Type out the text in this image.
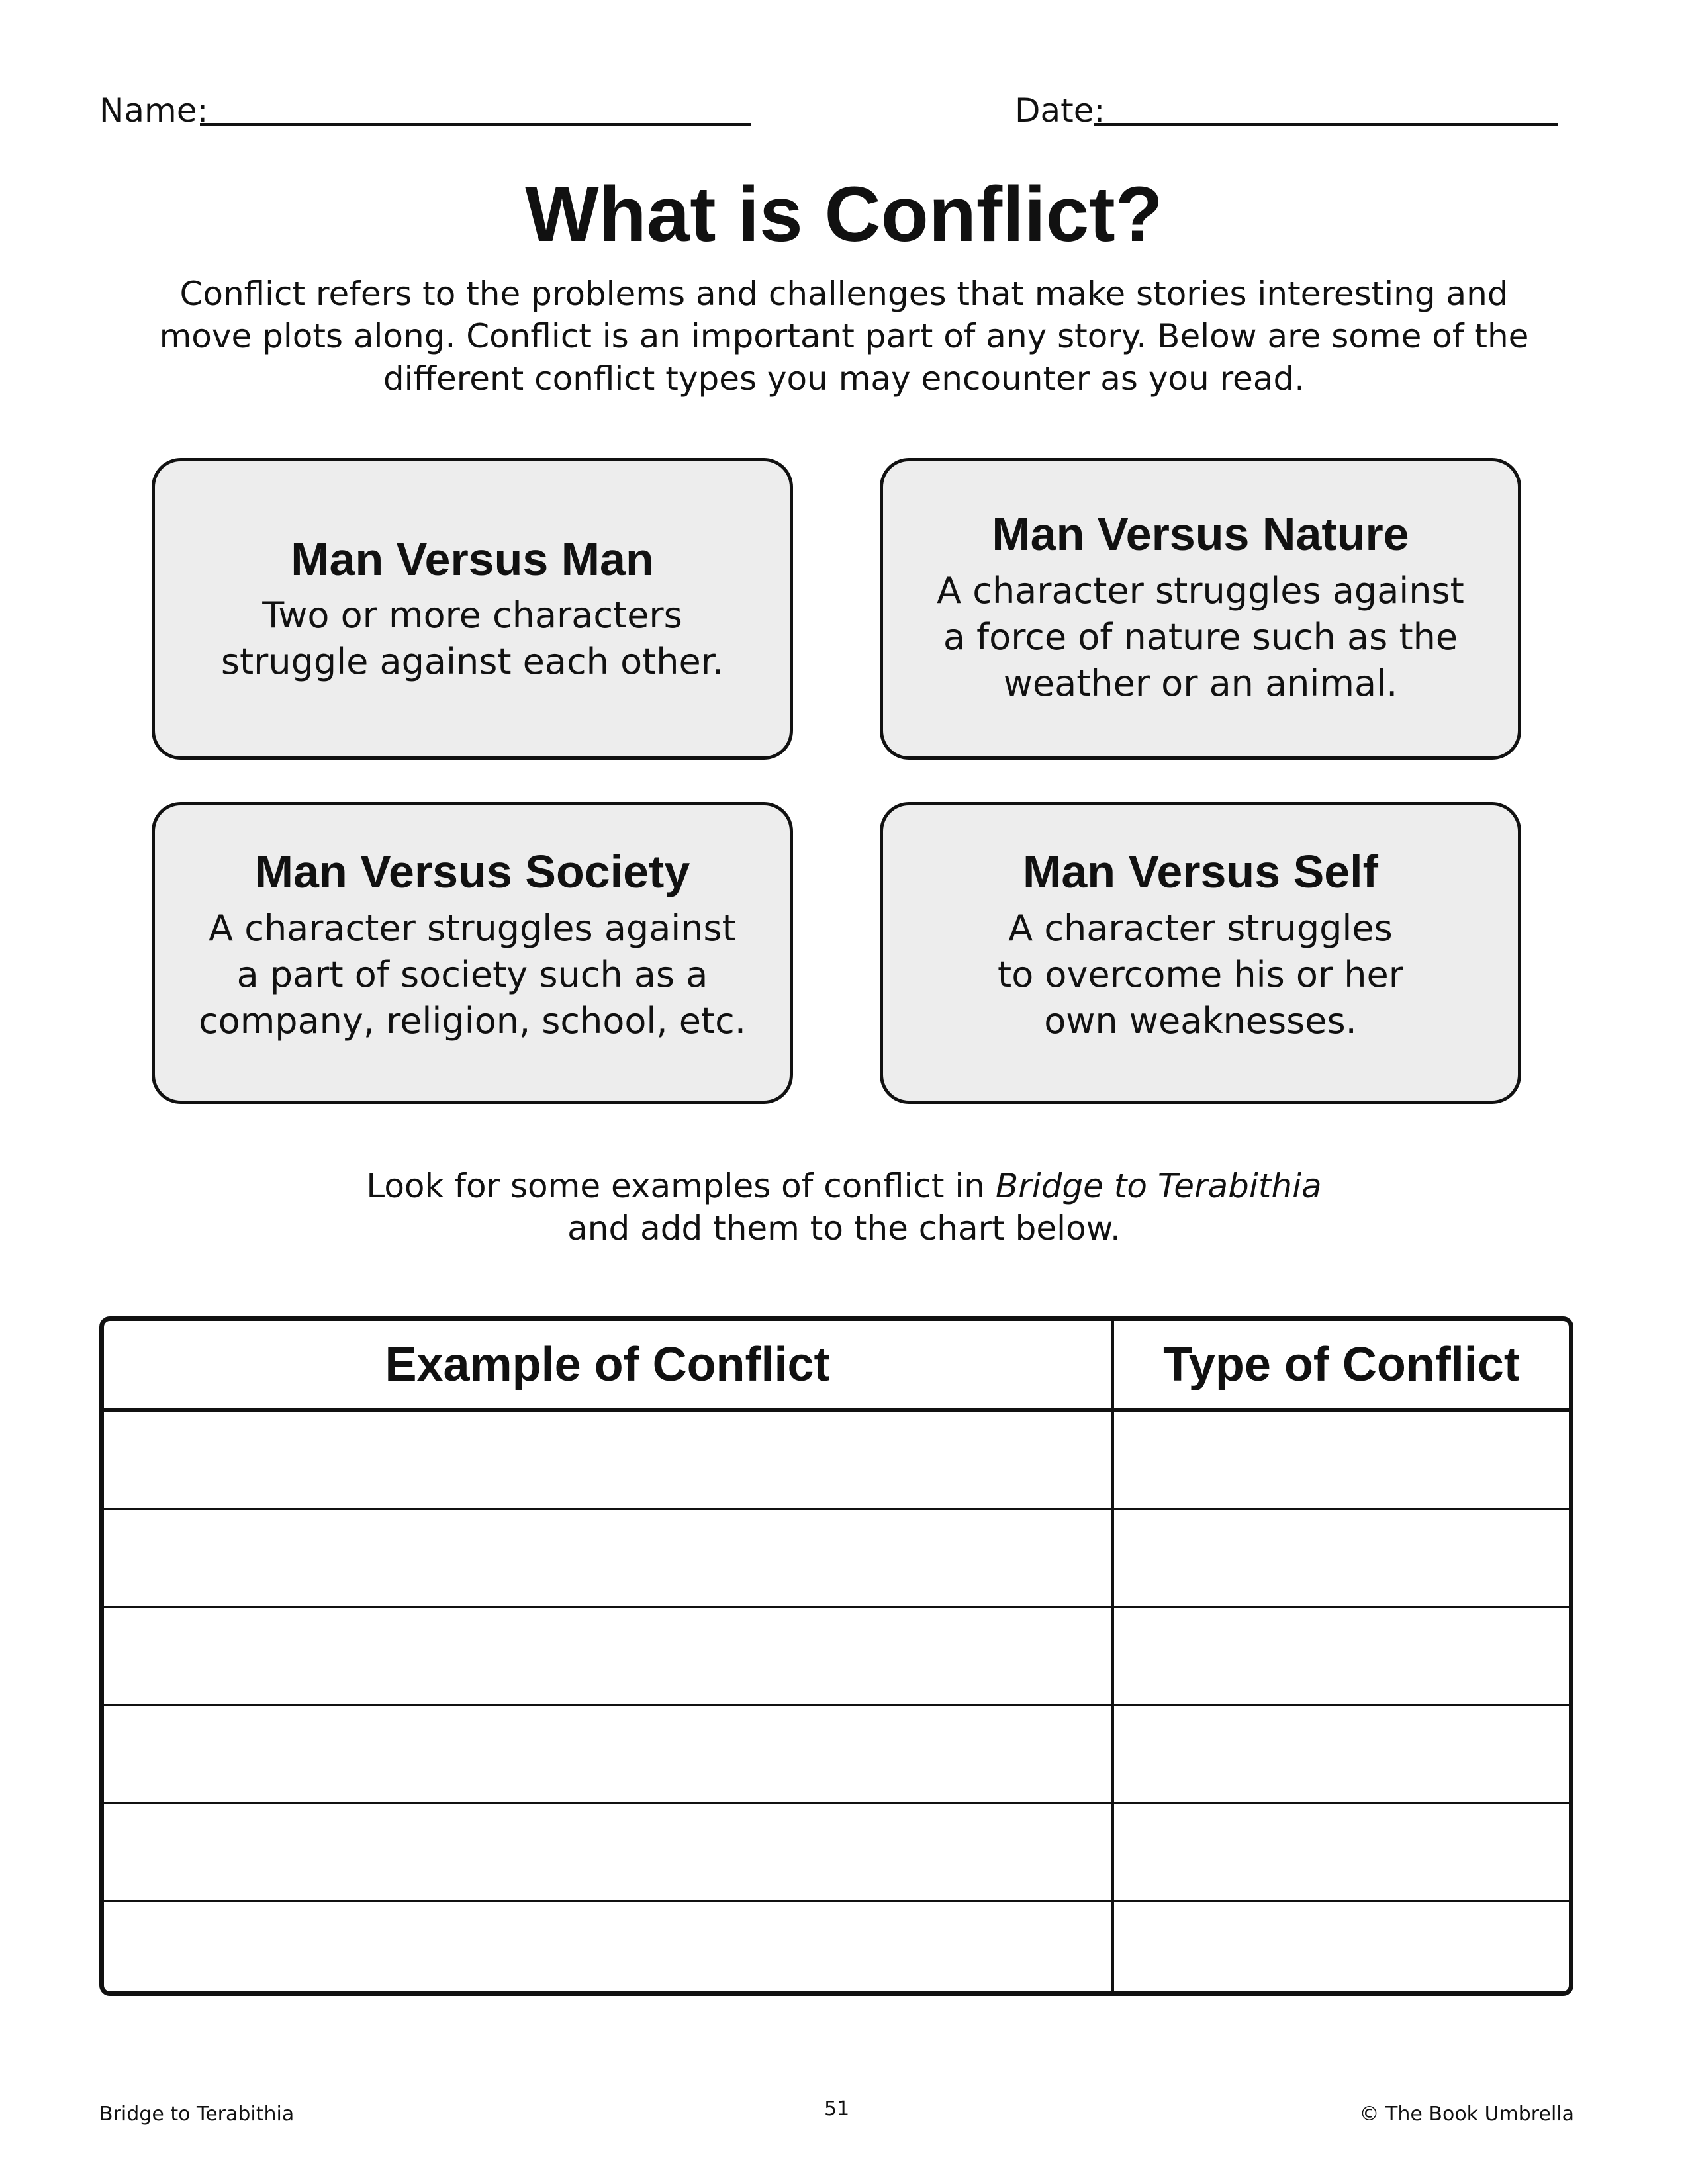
Name:	Date:
What is Conflict?
Conflict refers to the problems and challenges that make stories interesting and
move plots along. Conflict is an important part of any story. Below are some of the
different conflict types you may encounter as you read.
Man Versus Man

Two or more characters
struggle against each other.

Man Versus Nature

A character struggles against
a force of nature such as the
weather or an animal.

Man Versus Society

A character struggles against
a part of society such as a
company, religion, school, etc.

Man Versus Self

A character struggles
to overcome his or her
own weaknesses.

Look for some examples of conflict in Bridge to Terabithia
and add them to the chart below.
Example of Conflict	Type of Conflict
Bridge to Terabithia	51	© The Book Umbrella
